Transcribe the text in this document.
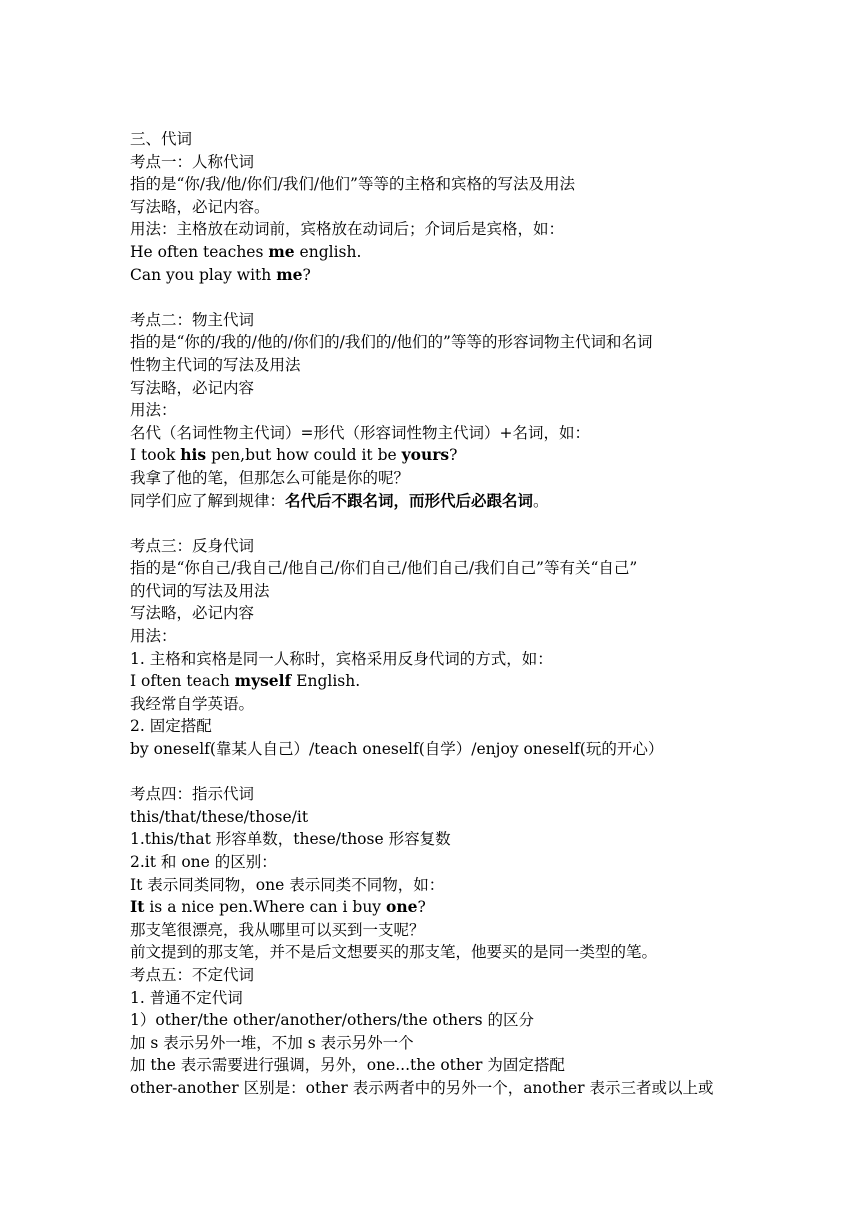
三、代词
考点一：人称代词
指的是“你/我/他/你们/我们/他们”等等的主格和宾格的写法及用法
写法略，必记内容。
用法：主格放在动词前，宾格放在动词后；介词后是宾格，如：
He often teaches me english.
Can you play with me?
考点二：物主代词
指的是“你的/我的/他的/你们的/我们的/他们的”等等的形容词物主代词和名词
性物主代词的写法及用法
写法略，必记内容
用法：
名代（名词性物主代词）=形代（形容词性物主代词）+名词，如：
I took his pen,but how could it be yours?
我拿了他的笔，但那怎么可能是你的呢？
同学们应了解到规律：名代后不跟名词，而形代后必跟名词。
考点三：反身代词
指的是“你自己/我自己/他自己/你们自己/他们自己/我们自己”等有关“自己”
的代词的写法及用法
写法略，必记内容
用法：
1. 主格和宾格是同一人称时，宾格采用反身代词的方式，如：
I often teach myself English.
我经常自学英语。
2. 固定搭配
by oneself(靠某人自己）/teach oneself(自学）/enjoy oneself(玩的开心）
考点四：指示代词
this/that/these/those/it
1.this/that 形容单数，these/those 形容复数
2.it 和 one 的区别：
It 表示同类同物，one 表示同类不同物，如：
It is a nice pen.Where can i buy one?
那支笔很漂亮，我从哪里可以买到一支呢？
前文提到的那支笔，并不是后文想要买的那支笔，他要买的是同一类型的笔。
考点五：不定代词
1. 普通不定代词
1）other/the other/another/others/the others 的区分
加 s 表示另外一堆，不加 s 表示另外一个
加 the 表示需要进行强调，另外，one...the other 为固定搭配
other-another 区别是：other 表示两者中的另外一个，another 表示三者或以上或
